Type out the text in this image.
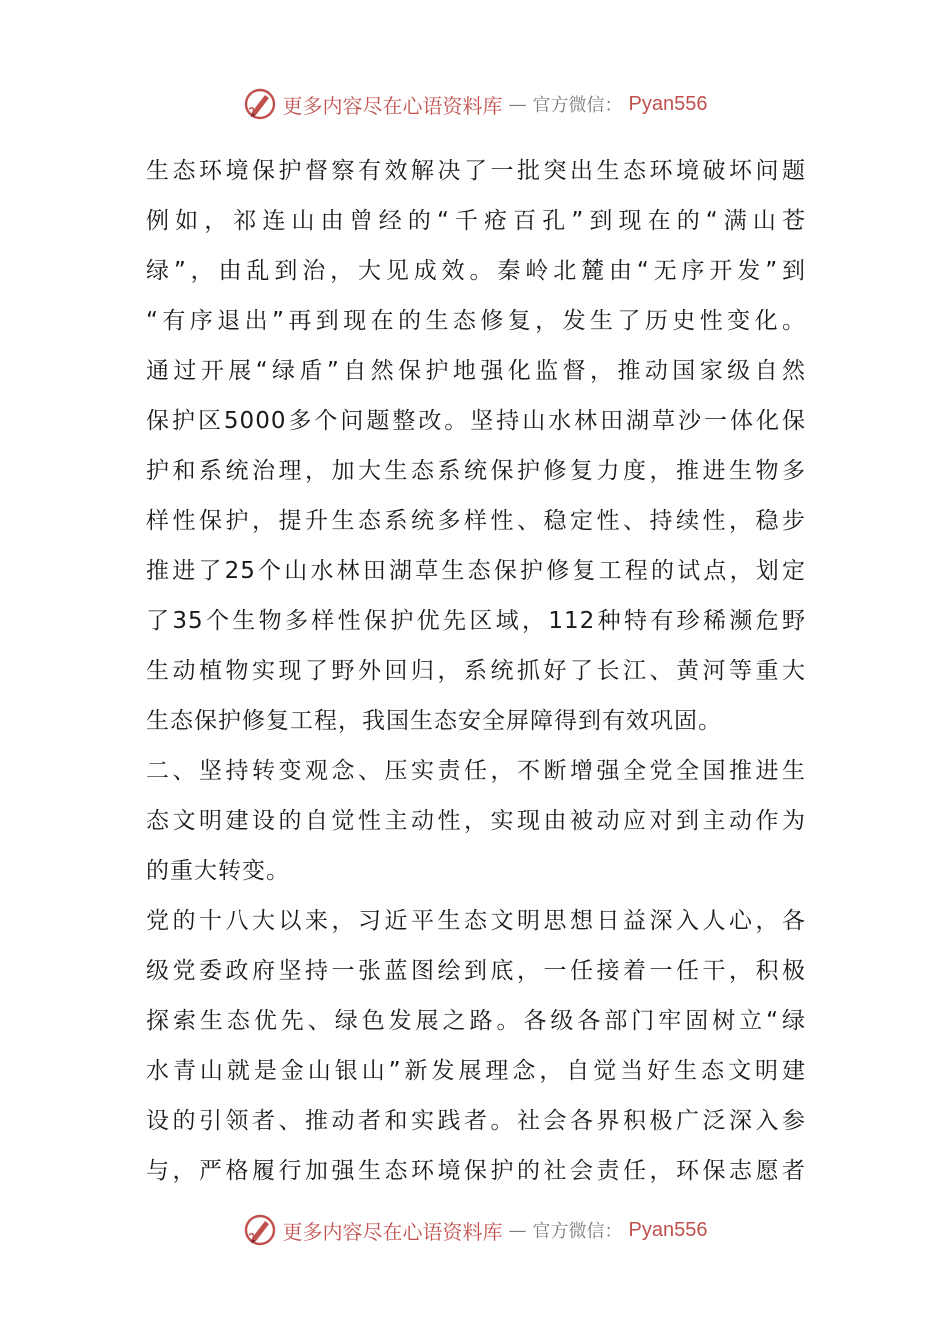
更多内容尽在心语资料库 — 官方微信： Pyan556
生态环境保护督察有效解决了一批突出生态环境破坏问题
例如，祁连山由曾经的“千疮百孔”到现在的“满山苍
绿”，由乱到治，大见成效。秦岭北麓由“无序开发”到
“有序退出”再到现在的生态修复，发生了历史性变化。
通过开展“绿盾”自然保护地强化监督，推动国家级自然
保护区5000多个问题整改。坚持山水林田湖草沙一体化保
护和系统治理，加大生态系统保护修复力度，推进生物多
样性保护，提升生态系统多样性、稳定性、持续性，稳步
推进了25个山水林田湖草生态保护修复工程的试点，划定
了35个生物多样性保护优先区域，112种特有珍稀濒危野
生动植物实现了野外回归，系统抓好了长江、黄河等重大
生态保护修复工程，我国生态安全屏障得到有效巩固。
二、坚持转变观念、压实责任，不断增强全党全国推进生
态文明建设的自觉性主动性，实现由被动应对到主动作为
的重大转变。
党的十八大以来，习近平生态文明思想日益深入人心，各
级党委政府坚持一张蓝图绘到底，一任接着一任干，积极
探索生态优先、绿色发展之路。各级各部门牢固树立“绿
水青山就是金山银山”新发展理念，自觉当好生态文明建
设的引领者、推动者和实践者。社会各界积极广泛深入参
与，严格履行加强生态环境保护的社会责任，环保志愿者
更多内容尽在心语资料库 — 官方微信： Pyan556
